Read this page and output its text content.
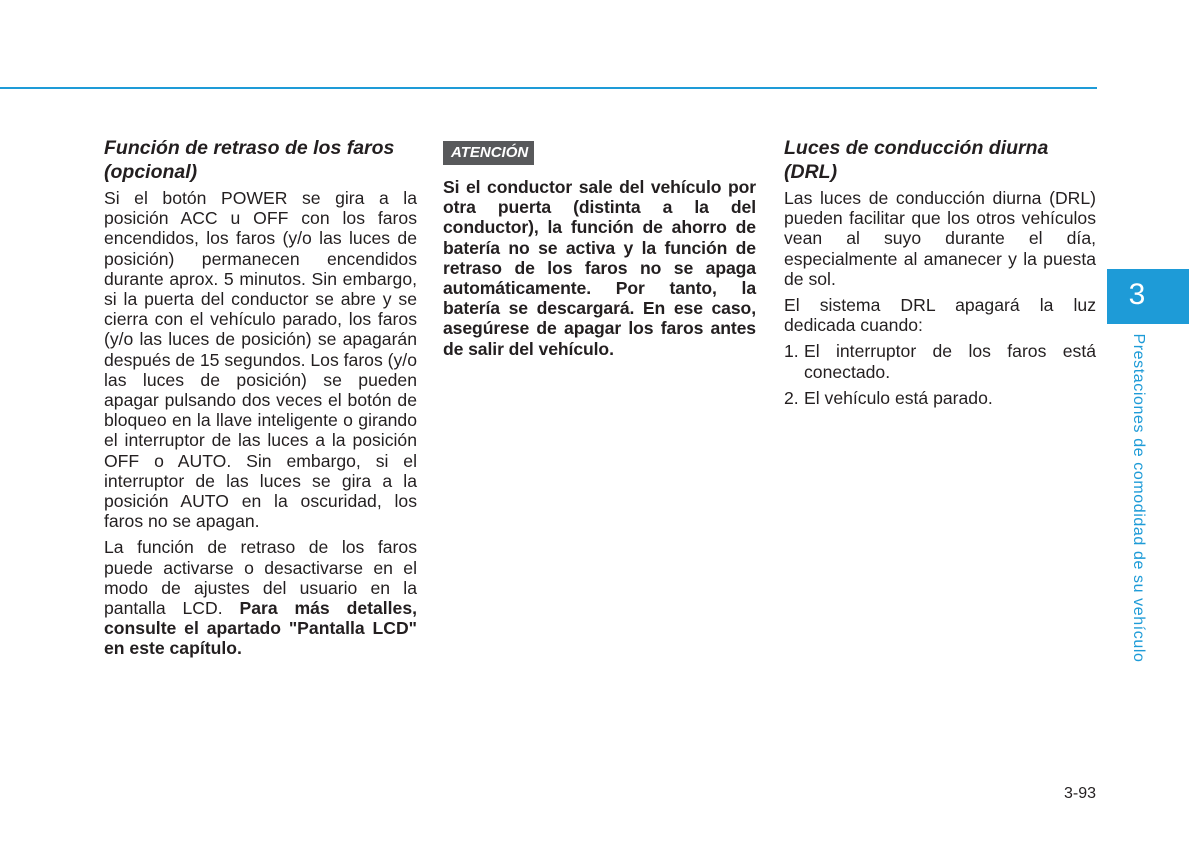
Función de retraso de los faros (opcional)

Si el botón POWER se gira a la posición ACC u OFF con los faros encendidos, los faros (y/o las luces de posición) permanecen encendidos durante aprox. 5 minutos. Sin embargo, si la puerta del conductor se abre y se cierra con el vehículo parado, los faros (y/o las luces de posición) se apagarán después de 15 segundos. Los faros (y/o las luces de posición) se pueden apagar pulsando dos veces el botón de bloqueo en la llave inteligente o girando el interruptor de las luces a la posición OFF o AUTO. Sin embargo, si el interruptor de las luces se gira a la posición AUTO en la oscuridad, los faros no se apagan.

La función de retraso de los faros puede activarse o desactivarse en el modo de ajustes del usuario en la pantalla LCD. Para más detalles, consulte el apartado "Pantalla LCD" en este capítulo.

ATENCIÓN
Si el conductor sale del vehículo por otra puerta (distinta a la del conductor), la función de ahorro de batería no se activa y la función de retraso de los faros no se apaga automáticamente. Por tanto, la batería se descargará. En ese caso, asegúrese de apagar los faros antes de salir del vehículo.
Luces de conducción diurna (DRL)

Las luces de conducción diurna (DRL) pueden facilitar que los otros vehículos vean al suyo durante el día, especialmente al amanecer y la puesta de sol.

El sistema DRL apagará la luz dedicada cuando:

1. El interruptor de los faros está conectado.
2. El vehículo está parado.
3
Prestaciones de comodidad de su vehículo
3-93
